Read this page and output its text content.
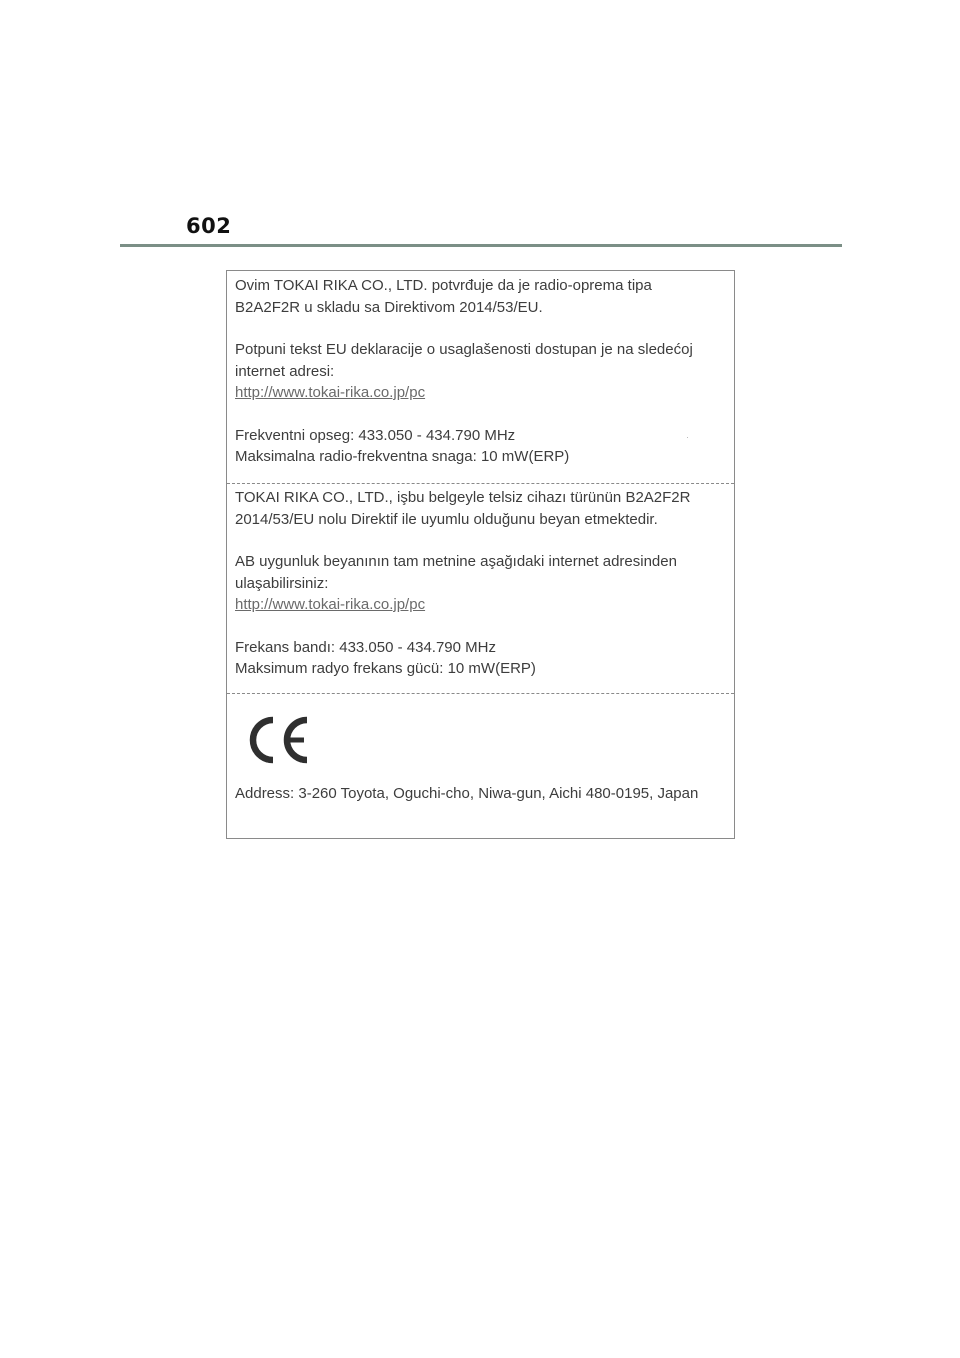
602

Ovim TOKAI RIKA CO., LTD. potvrđuje da je radio-oprema tipa

B2A2F2R u skladu sa Direktivom 2014/53/EU.

Potpuni tekst EU deklaracije o usaglašenosti dostupan je na sledećoj

internet adresi:

http://www.tokai-rika.co.jp/pc

Frekventni opseg: 433.050 - 434.790 MHz

Maksimalna radio-frekventna snaga: 10 mW(ERP)

TOKAI RIKA CO., LTD., işbu belgeyle telsiz cihazı türünün B2A2F2R

2014/53/EU nolu Direktif ile uyumlu olduğunu beyan etmektedir.

AB uygunluk beyanının tam metnine aşağıdaki internet adresinden

ulaşabilirsiniz:

http://www.tokai-rika.co.jp/pc

Frekans bandı: 433.050 - 434.790 MHz

Maksimum radyo frekans gücü: 10 mW(ERP)

Address: 3-260 Toyota, Oguchi-cho, Niwa-gun, Aichi 480-0195, Japan
